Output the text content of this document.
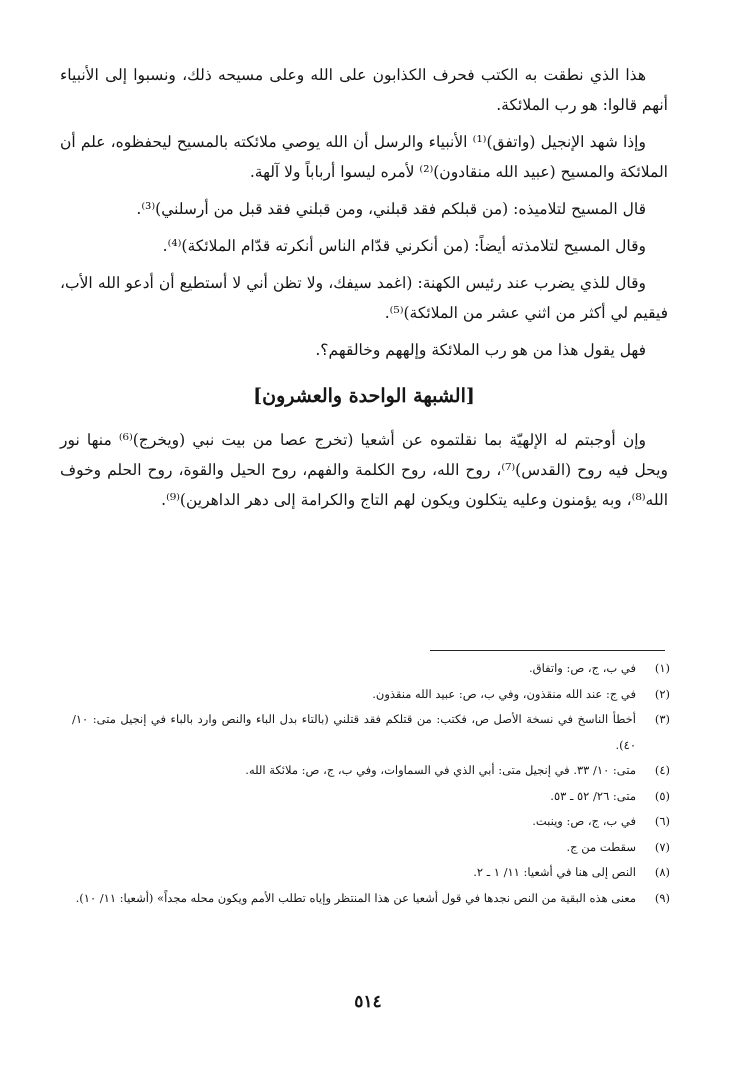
هذا الذي نطقت به الكتب فحرف الكذابون على الله وعلى مسيحه ذلك، ونسبوا إلى الأنبياء أنهم قالوا: هو رب الملائكة.

وإذا شهد الإنجيل (واتفق)⁽¹⁾ الأنبياء والرسل أن الله يوصي ملائكته بالمسيح ليحفظوه، علم أن الملائكة والمسيح (عبيد الله منقادون)⁽²⁾ لأمره ليسوا أرباباً ولا آلهة.

قال المسيح لتلاميذه: (من قبلكم فقد قبلني، ومن قبلني فقد قبل من أرسلني)⁽³⁾.

وقال المسيح لتلامذته أيضاً: (من أنكرني قدّام الناس أنكرته قدّام الملائكة)⁽⁴⁾.

وقال للذي يضرب عند رئيس الكهنة: (اغمد سيفك، ولا تظن أني لا أستطيع أن أدعو الله الأب، فيقيم لي أكثر من اثني عشر من الملائكة)⁽⁵⁾.

فهل يقول هذا من هو رب الملائكة وإلههم وخالقهم؟.

[الشبهة الواحدة والعشرون]

وإن أوجبتم له الإلهيّة بما نقلتموه عن أشعيا (تخرج عصا من بيت نبي (ويخرج)⁽⁶⁾ منها نور ويحل فيه روح (القدس)⁽⁷⁾، روح الله، روح الكلمة والفهم، روح الحيل والقوة، روح الحلم وخوف الله⁽⁸⁾، وبه يؤمنون وعليه يتكلون ويكون لهم التاج والكرامة إلى دهر الداهرين)⁽⁹⁾.

(١)
في ب، ج، ص: واتفاق.
(٢)
في ج: عند الله منقذون، وفي ب، ص: عبيد الله منقذون.
(٣)
أخطأ الناسخ في نسخة الأصل ص، فكتب: من قتلكم فقد قتلني (بالتاء بدل الباء والنص وارد بالباء في إنجيل متى: ١٠/ ٤٠).
(٤)
متى: ١٠/ ٣٣. في إنجيل متى: أبي الذي في السماوات، وفي ب، ج، ص: ملائكة الله.
(٥)
متى: ٢٦/ ٥٢ ـ ٥٣.
(٦)
في ب، ج، ص: وينبت.
(٧)
سقطت من ج.
(٨)
النص إلى هنا في أشعيا: ١١/ ١ ـ ٢.
(٩)
معنى هذه البقية من النص نجدها في قول أشعيا عن هذا المنتظر وإياه تطلب الأمم ويكون محله مجداً» (أشعيا: ١١/ ١٠).
٥١٤
